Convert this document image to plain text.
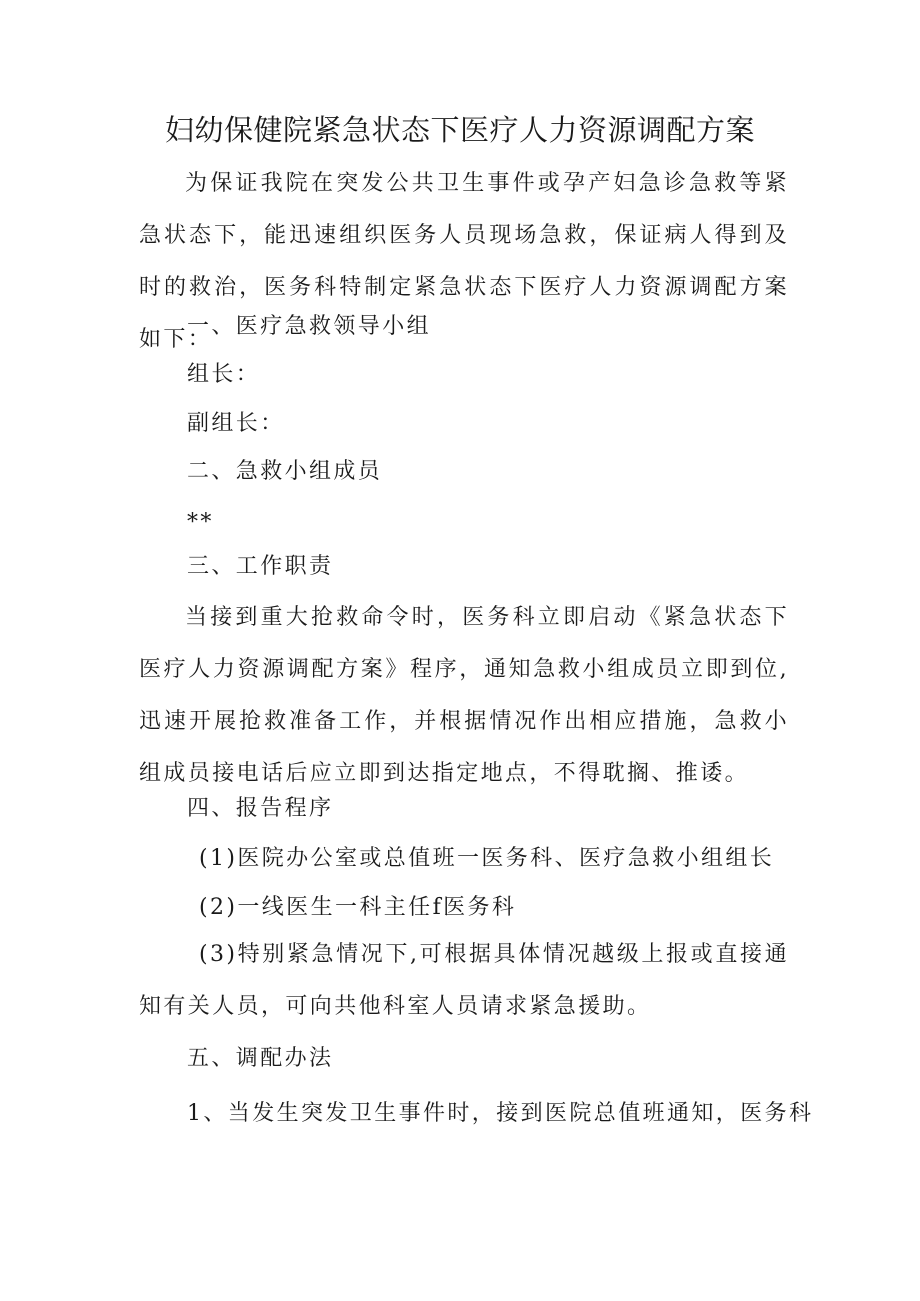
妇幼保健院紧急状态下医疗人力资源调配方案

为保证我院在突发公共卫生事件或孕产妇急诊急救等紧急状态下，能迅速组织医务人员现场急救，保证病人得到及时的救治，医务科特制定紧急状态下医疗人力资源调配方案如下：

一、医疗急救领导小组
组长：
副组长：
二、急救小组成员
**
三、工作职责

当接到重大抢救命令时，医务科立即启动《紧急状态下医疗人力资源调配方案》程序，通知急救小组成员立即到位,迅速开展抢救准备工作，并根据情况作出相应措施，急救小组成员接电话后应立即到达指定地点，不得耽搁、推诿。

四、报告程序
(1)医院办公室或总值班一医务科、医疗急救小组组长
(2)一线医生一科主任f医务科

(3)特别紧急情况下,可根据具体情况越级上报或直接通知有关人员，可向共他科室人员请求紧急援助。

五、调配办法
1、当发生突发卫生事件时，接到医院总值班通知，医务科
